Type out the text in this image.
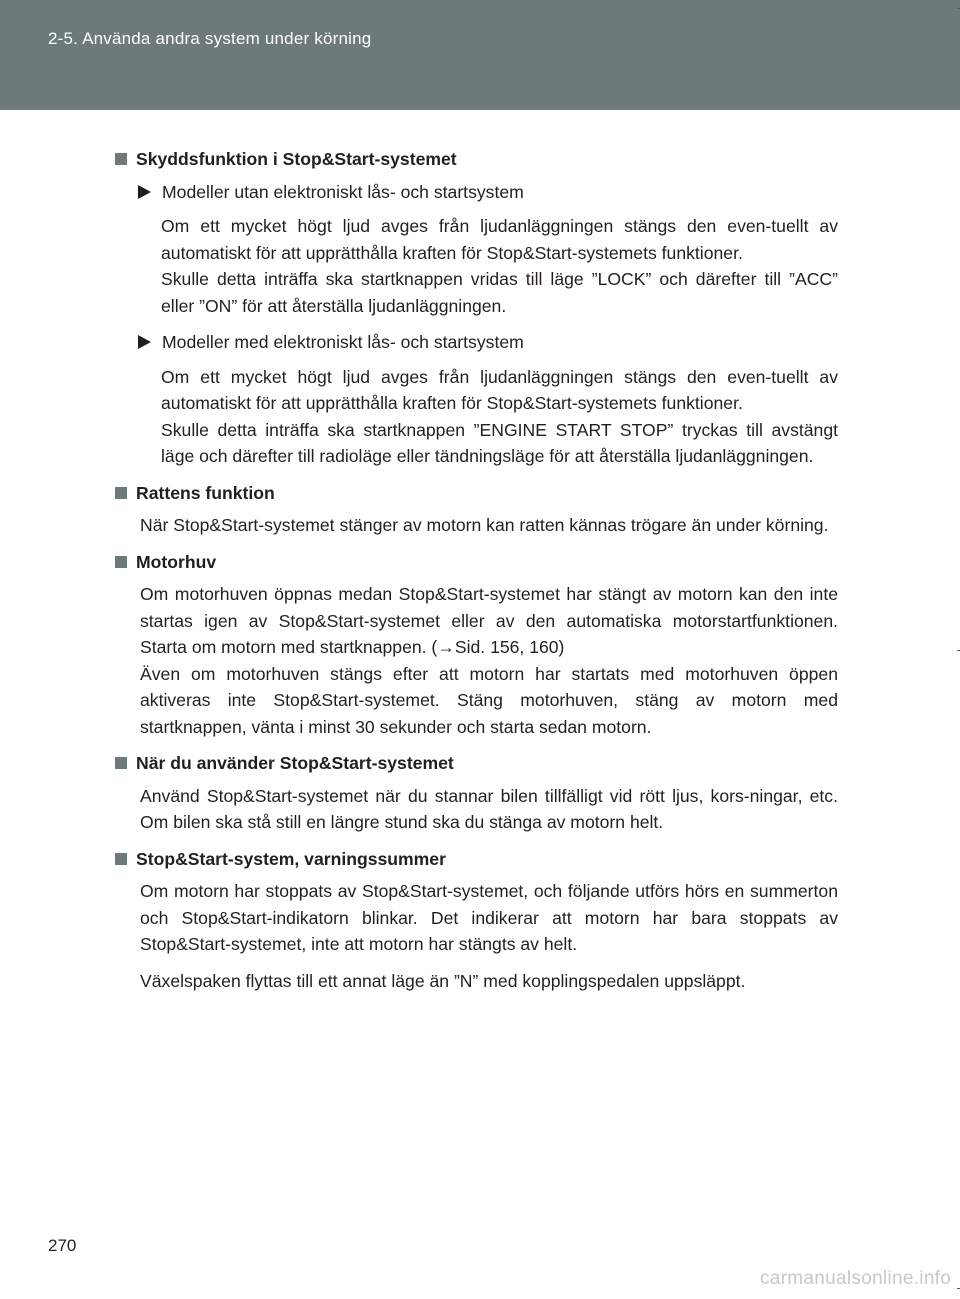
2-5. Använda andra system under körning
Skyddsfunktion i Stop&Start-systemet
Modeller utan elektroniskt lås- och startsystem
Om ett mycket högt ljud avges från ljudanläggningen stängs den even-tuellt av automatiskt för att upprätthålla kraften för Stop&Start-systemets funktioner.
Skulle detta inträffa ska startknappen vridas till läge ”LOCK” och därefter till ”ACC” eller ”ON” för att återställa ljudanläggningen.
Modeller med elektroniskt lås- och startsystem
Om ett mycket högt ljud avges från ljudanläggningen stängs den even-tuellt av automatiskt för att upprätthålla kraften för Stop&Start-systemets funktioner.
Skulle detta inträffa ska startknappen ”ENGINE START STOP” tryckas till avstängt läge och därefter till radioläge eller tändningsläge för att återställa ljudanläggningen.
Rattens funktion
När Stop&Start-systemet stänger av motorn kan ratten kännas trögare än under körning.
Motorhuv
Om motorhuven öppnas medan Stop&Start-systemet har stängt av motorn kan den inte startas igen av Stop&Start-systemet eller av den automatiska motorstartfunktionen. Starta om motorn med startknappen. (→Sid. 156, 160)
Även om motorhuven stängs efter att motorn har startats med motorhuven öppen aktiveras inte Stop&Start-systemet. Stäng motorhuven, stäng av motorn med startknappen, vänta i minst 30 sekunder och starta sedan motorn.
När du använder Stop&Start-systemet
Använd Stop&Start-systemet när du stannar bilen tillfälligt vid rött ljus, kors-ningar, etc. Om bilen ska stå still en längre stund ska du stänga av motorn helt.
Stop&Start-system, varningssummer
Om motorn har stoppats av Stop&Start-systemet, och följande utförs hörs en summerton och Stop&Start-indikatorn blinkar. Det indikerar att motorn har bara stoppats av Stop&Start-systemet, inte att motorn har stängts av helt.
Växelspaken flyttas till ett annat läge än ”N” med kopplingspedalen uppsläppt.
270
carmanualsonline.info
